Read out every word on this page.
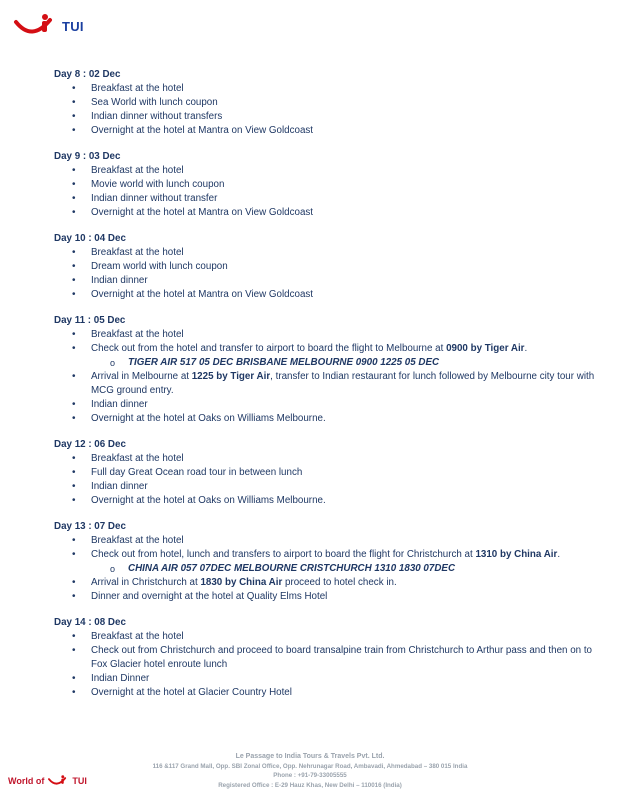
TUI
Day 8 : 02 Dec
• Breakfast at the hotel
• Sea World with lunch coupon
• Indian dinner without transfers
• Overnight at the hotel at Mantra on View Goldcoast
Day 9 : 03 Dec
• Breakfast at the hotel
• Movie world with lunch coupon
• Indian dinner without transfer
• Overnight at the hotel at Mantra on View Goldcoast
Day 10 : 04 Dec
• Breakfast at the hotel
• Dream world with lunch coupon
• Indian dinner
• Overnight at the hotel at Mantra on View Goldcoast
Day 11 : 05 Dec
• Breakfast at the hotel
• Check out from the hotel and transfer to airport to board the flight to Melbourne at 0900 by Tiger Air.
o TIGER AIR 517 05 DEC BRISBANE MELBOURNE 0900 1225 05 DEC
• Arrival in Melbourne at 1225 by Tiger Air, transfer to Indian restaurant for lunch followed by Melbourne city tour with MCG ground entry.
• Indian dinner
• Overnight at the hotel at Oaks on Williams Melbourne.
Day 12 : 06 Dec
• Breakfast at the hotel
• Full day Great Ocean road tour in between lunch
• Indian dinner
• Overnight at the hotel at Oaks on Williams Melbourne.
Day 13 : 07 Dec
• Breakfast at the hotel
• Check out from hotel, lunch and transfers to airport to board the flight for Christchurch at 1310 by China Air.
o CHINA AIR 057 07DEC MELBOURNE CRISTCHURCH 1310 1830 07DEC
• Arrival in Christchurch at 1830 by China Air proceed to hotel check in.
• Dinner and overnight at the hotel at Quality Elms Hotel
Day 14 : 08 Dec
• Breakfast at the hotel
• Check out from Christchurch and proceed to board transalpine train from Christchurch to Arthur pass and then on to Fox Glacier hotel enroute lunch
• Indian Dinner
• Overnight at the hotel at Glacier Country Hotel
Le Passage to India Tours & Travels Pvt. Ltd.
116 &117 Grand Mall, Opp. SBI Zonal Office, Opp. Nehrunagar Road, Ambavadi, Ahmedabad – 380 015 India
Phone : +91-79-33005555
Registered Office : E-29 Hauz Khas, New Delhi – 110016 (India)
World of	TUI
